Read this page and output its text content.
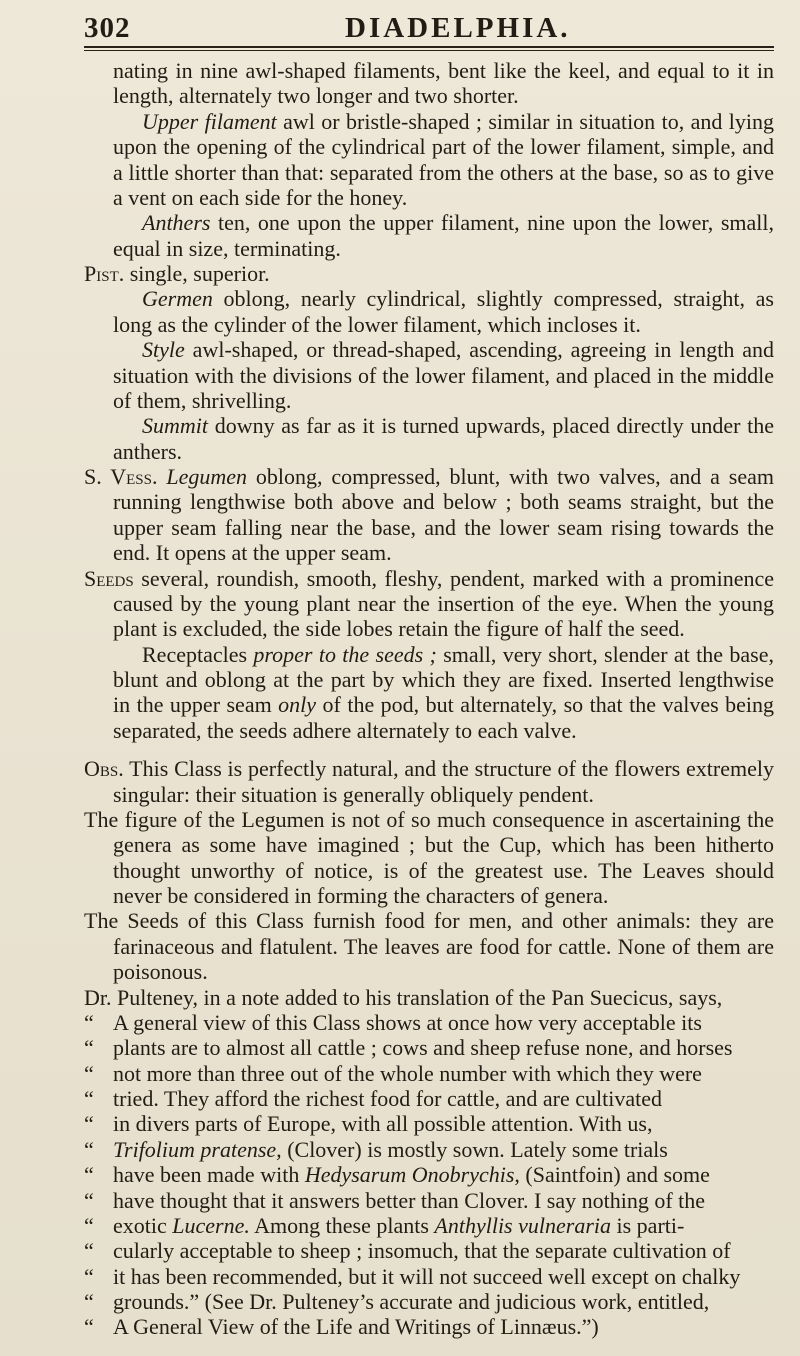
302	DIADELPHIA.

nating in nine awl-shaped filaments, bent like the keel, and equal to it in length, alternately two longer and two shorter.

Upper filament awl or bristle-shaped ; similar in situation to, and lying upon the opening of the cylindrical part of the lower filament, simple, and a little shorter than that: separated from the others at the base, so as to give a vent on each side for the honey.

Anthers ten, one upon the upper filament, nine upon the lower, small, equal in size, terminating.

Pist. single, superior.

Germen oblong, nearly cylindrical, slightly compressed, straight, as long as the cylinder of the lower filament, which incloses it.

Style awl-shaped, or thread-shaped, ascending, agreeing in length and situation with the divisions of the lower filament, and placed in the middle of them, shrivelling.

Summit downy as far as it is turned upwards, placed directly under the anthers.

S. Vess. Legumen oblong, compressed, blunt, with two valves, and a seam running lengthwise both above and below ; both seams straight, but the upper seam falling near the base, and the lower seam rising towards the end. It opens at the upper seam.

Seeds several, roundish, smooth, fleshy, pendent, marked with a prominence caused by the young plant near the insertion of the eye. When the young plant is excluded, the side lobes retain the figure of half the seed.

Receptacles proper to the seeds ; small, very short, slender at the base, blunt and oblong at the part by which they are fixed. Inserted lengthwise in the upper seam only of the pod, but alternately, so that the valves being separated, the seeds adhere alternately to each valve.

Obs. This Class is perfectly natural, and the structure of the flowers extremely singular: their situation is generally obliquely pendent.

The figure of the Legumen is not of so much consequence in ascertaining the genera as some have imagined ; but the Cup, which has been hitherto thought unworthy of notice, is of the greatest use. The Leaves should never be considered in forming the characters of genera.

The Seeds of this Class furnish food for men, and other animals: they are farinaceous and flatulent. The leaves are food for cattle. None of them are poisonous.

Dr. Pulteney, in a note added to his translation of the Pan Suecicus, says,

“ A general view of this Class shows at once how very acceptable its
“ plants are to almost all cattle ; cows and sheep refuse none, and horses
“ not more than three out of the whole number with which they were
“ tried. They afford the richest food for cattle, and are cultivated
“ in divers parts of Europe, with all possible attention. With us,
“ Trifolium pratense, (Clover) is mostly sown. Lately some trials
“ have been made with Hedysarum Onobrychis, (Saintfoin) and some
“ have thought that it answers better than Clover. I say nothing of the
“ exotic Lucerne. Among these plants Anthyllis vulneraria is parti-
“ cularly acceptable to sheep ; insomuch, that the separate cultivation of
“ it has been recommended, but it will not succeed well except on chalky
“ grounds.” (See Dr. Pulteney’s accurate and judicious work, entitled,
“ A General View of the Life and Writings of Linnæus.”)
